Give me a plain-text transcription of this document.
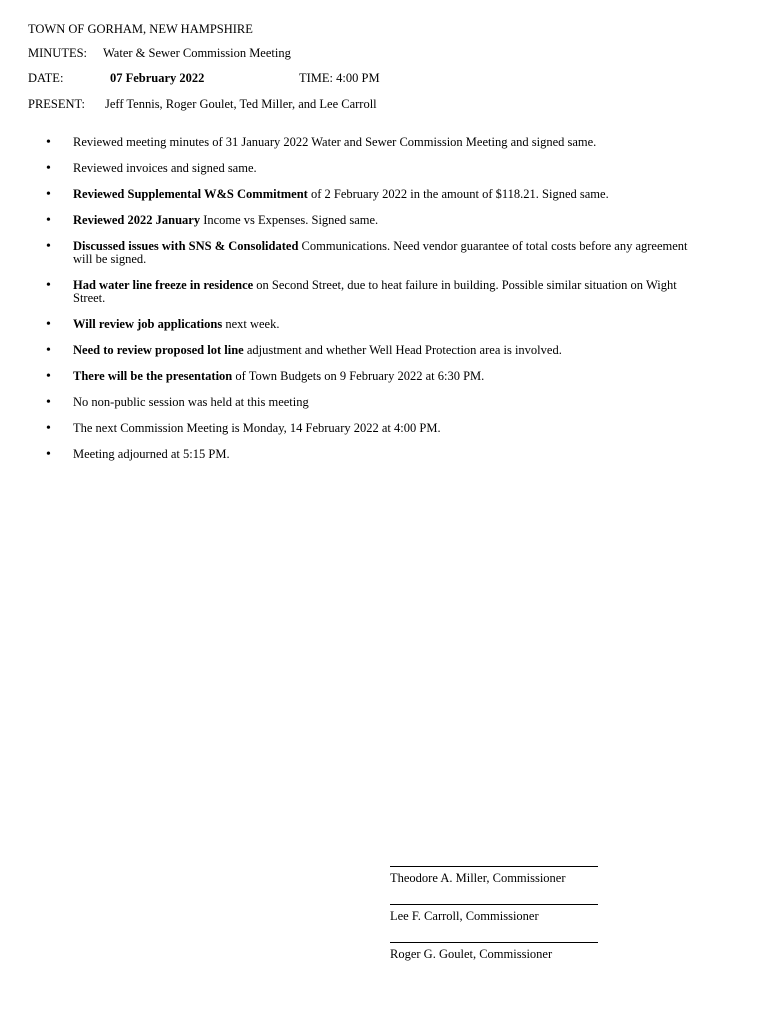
TOWN OF GORHAM, NEW HAMPSHIRE
MINUTES: Water & Sewer Commission Meeting
DATE:	07 February 2022	TIME: 4:00 PM
PRESENT: Jeff Tennis, Roger Goulet, Ted Miller, and Lee Carroll
• Reviewed meeting minutes of 31 January 2022 Water and Sewer Commission Meeting and signed same.
• Reviewed invoices and signed same.
• Reviewed Supplemental W&S Commitment of 2 February 2022 in the amount of $118.21. Signed same.
• Reviewed 2022 January Income vs Expenses. Signed same.
• Discussed issues with SNS & Consolidated Communications. Need vendor guarantee of total costs before any agreement will be signed.
• Had water line freeze in residence on Second Street, due to heat failure in building. Possible similar situation on Wight Street.
• Will review job applications next week.
• Need to review proposed lot line adjustment and whether Well Head Protection area is involved.
• There will be the presentation of Town Budgets on 9 February 2022 at 6:30 PM.
• No non-public session was held at this meeting
• The next Commission Meeting is Monday, 14 February 2022 at 4:00 PM.
• Meeting adjourned at 5:15 PM.
Theodore A. Miller, Commissioner
Lee F. Carroll, Commissioner
Roger G. Goulet, Commissioner
